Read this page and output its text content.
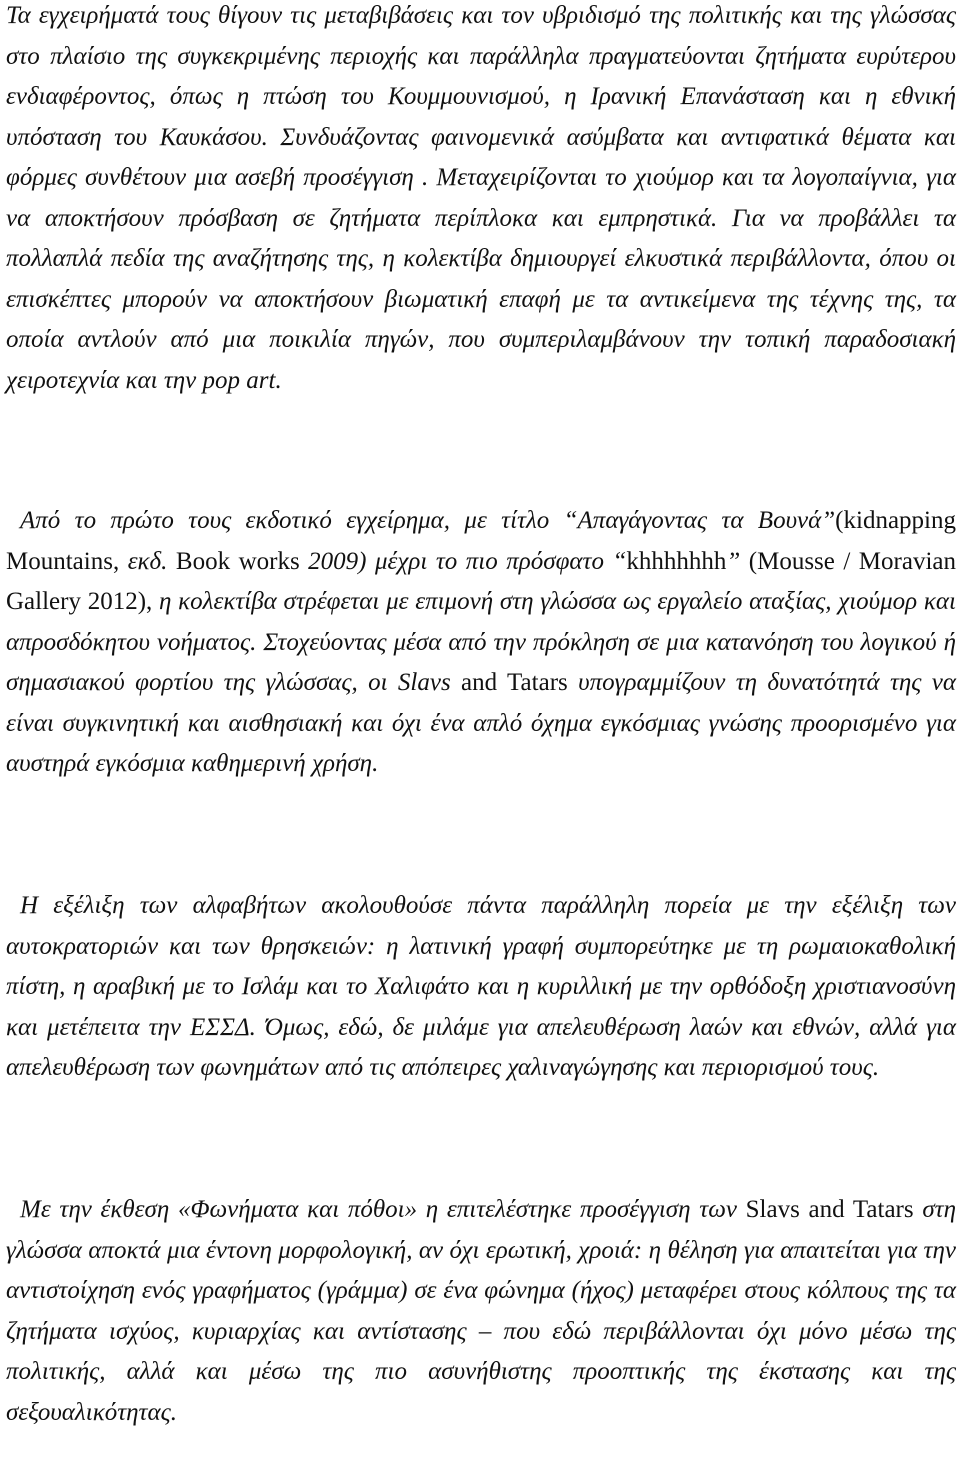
Τα εγχειρήματά τους θίγουν τις μεταβιβάσεις και τον υβριδισμό της πολιτικής και της γλώσσας στο πλαίσιο της συγκεκριμένης περιοχής και παράλληλα πραγματεύονται ζητήματα ευρύτερου ενδιαφέροντος, όπως η πτώση του Κουμμουνισμού, η Ιρανική Επανάσταση και η εθνική υπόσταση του Καυκάσου. Συνδυάζοντας φαινομενικά ασύμβατα και αντιφατικά θέματα και φόρμες συνθέτουν μια ασεβή προσέγγιση . Μεταχειρίζονται το χιούμορ και τα λογοπαίγνια, για να αποκτήσουν πρόσβαση σε ζητήματα περίπλοκα και εμπρηστικά. Για να προβάλλει τα πολλαπλά πεδία της αναζήτησης της, η κολεκτίβα δημιουργεί ελκυστικά περιβάλλοντα, όπου οι επισκέπτες μπορούν να αποκτήσουν βιωματική επαφή με τα αντικείμενα της τέχνης της, τα οποία αντλούν από μια ποικιλία πηγών, που συμπεριλαμβάνουν την τοπική παραδοσιακή χειροτεχνία και την pop art.

Από το πρώτο τους εκδοτικό εγχείρημα, με τίτλο “Απαγάγοντας τα Βουνά”(kidnapping Mountains, εκδ. Book works 2009) μέχρι το πιο πρόσφατο “khhhhhhh” (Mousse / Moravian Gallery 2012), η κολεκτίβα στρέφεται με επιμονή στη γλώσσα ως εργαλείο αταξίας, χιούμορ και απροσδόκητου νοήματος. Στοχεύοντας μέσα από την πρόκληση σε μια κατανόηση του λογικού ή σημασιακού φορτίου της γλώσσας, οι Slavs and Tatars υπογραμμίζουν τη δυνατότητά της να είναι συγκινητική και αισθησιακή και όχι ένα απλό όχημα εγκόσμιας γνώσης προορισμένο για αυστηρά εγκόσμια καθημερινή χρήση.

Η εξέλιξη των αλφαβήτων ακολουθούσε πάντα παράλληλη πορεία με την εξέλιξη των αυτοκρατοριών και των θρησκειών: η λατινική γραφή συμπορεύτηκε με τη ρωμαιοκαθολική πίστη, η αραβική με το Ισλάμ και το Χαλιφάτο και η κυριλλική με την ορθόδοξη χριστιανοσύνη και μετέπειτα την ΕΣΣΔ. Όμως, εδώ, δε μιλάμε για απελευθέρωση λαών και εθνών, αλλά για απελευθέρωση των φωνημάτων από τις απόπειρες χαλιναγώγησης και περιορισμού τους.

Με την έκθεση «Φωνήματα και πόθοι» η επιτελέστηκε προσέγγιση των Slavs and Tatars στη γλώσσα αποκτά μια έντονη μορφολογική, αν όχι ερωτική, χροιά: η θέληση για απαιτείται για την αντιστοίχηση ενός γραφήματος (γράμμα) σε ένα φώνημα (ήχος) μεταφέρει στους κόλπους της τα ζητήματα ισχύος, κυριαρχίας και αντίστασης – που εδώ περιβάλλονται όχι μόνο μέσω της πολιτικής, αλλά και μέσω της πιο ασυνήθιστης προοπτικής της έκστασης και της σεξουαλικότητας.
